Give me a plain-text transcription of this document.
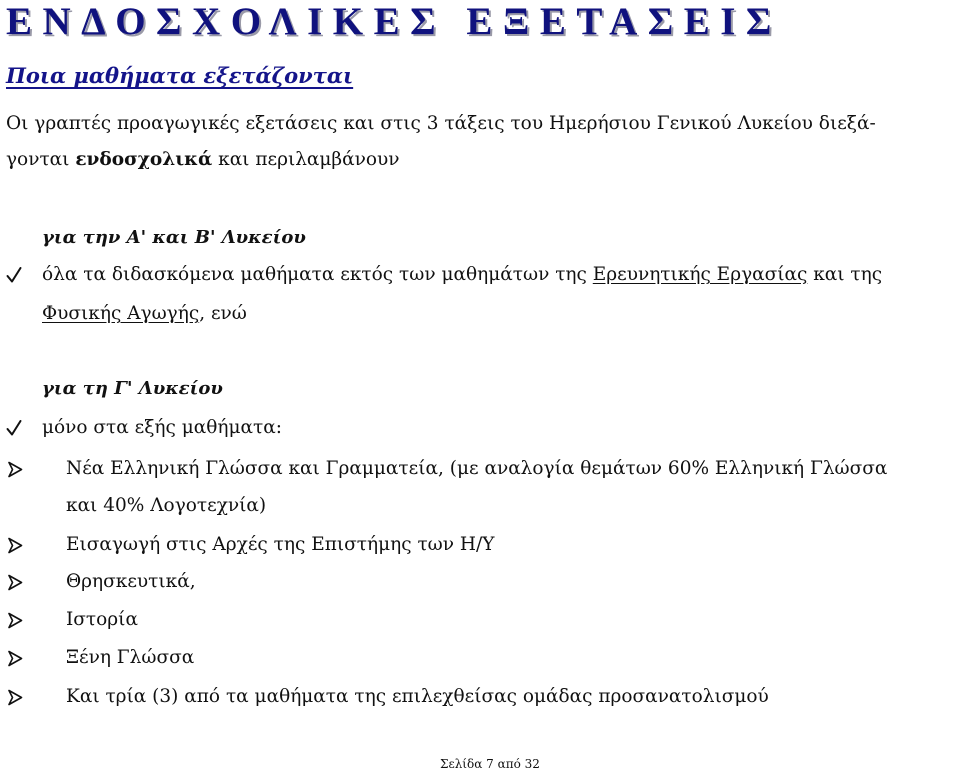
ΕΝΔΟΣΧΟΛΙΚΕΣ ΕΞΕΤΑΣΕΙΣ
Ποια μαθήματα εξετάζονται
Οι γραπτές προαγωγικές εξετάσεις και στις 3 τάξεις του Ημερήσιου Γενικού Λυκείου διεξά-
γονται ενδοσχολικά και περιλαμβάνουν
για την Α' και Β' Λυκείου
όλα τα διδασκόμενα μαθήματα εκτός των μαθημάτων της Ερευνητικής Εργασίας και της
Φυσικής Αγωγής, ενώ
για τη Γ' Λυκείου
μόνο στα εξής μαθήματα:
Νέα Ελληνική Γλώσσα και Γραμματεία, (με αναλογία θεμάτων 60% Ελληνική Γλώσσα
και 40% Λογοτεχνία)
Εισαγωγή στις Αρχές της Επιστήμης των Η/Υ
Θρησκευτικά,
Ιστορία
Ξένη Γλώσσα
Και τρία (3) από τα μαθήματα της επιλεχθείσας ομάδας προσανατολισμού
Σελίδα 7 από 32
